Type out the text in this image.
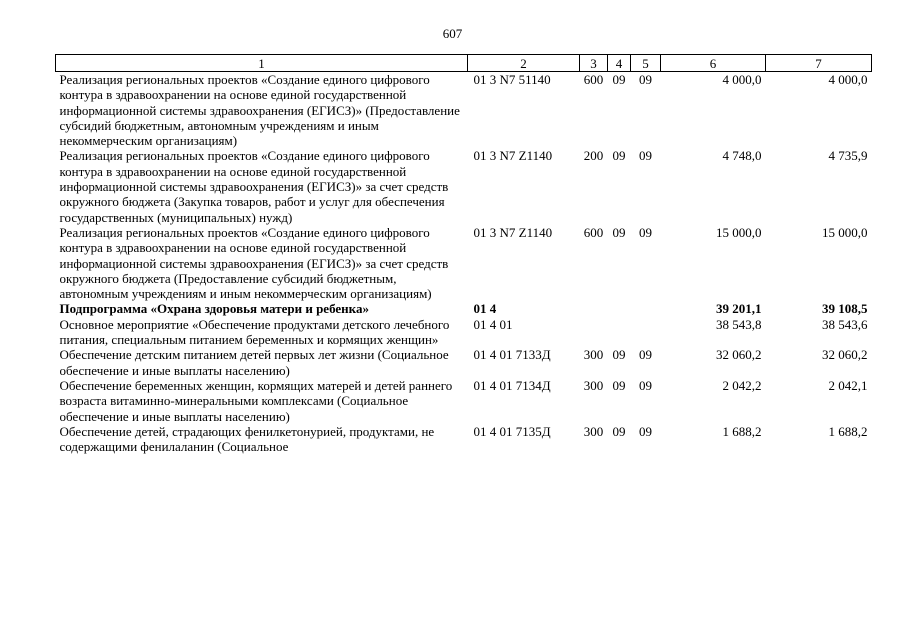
607
1	2	3	4	5	6	7
Реализация региональных проектов «Создание единого цифрового контура в здравоохранении на основе единой государственной информационной системы здравоохранения (ЕГИСЗ)» (Предоставление субсидий бюджетным, автономным учреждениям и иным некоммерческим организациям)	01 3 N7 51140	600	09	09	4 000,0	4 000,0
Реализация региональных проектов «Создание единого цифрового контура в здравоохранении на основе единой государственной информационной системы здравоохранения (ЕГИСЗ)» за счет средств окружного бюджета (Закупка товаров, работ и услуг для обеспечения государственных (муниципальных) нужд)	01 3 N7 Z1140	200	09	09	4 748,0	4 735,9
Реализация региональных проектов «Создание единого цифрового контура в здравоохранении на основе единой государственной информационной системы здравоохранения (ЕГИСЗ)» за счет средств окружного бюджета (Предоставление субсидий бюджетным, автономным учреждениям и иным некоммерческим организациям)	01 3 N7 Z1140	600	09	09	15 000,0	15 000,0
Подпрограмма «Охрана здоровья матери и ребенка»	01 4				39 201,1	39 108,5
Основное мероприятие «Обеспечение продуктами детского лечебного питания, специальным питанием беременных и кормящих женщин»	01 4 01				38 543,8	38 543,6
Обеспечение детским питанием детей первых лет жизни (Социальное обеспечение и иные выплаты населению)	01 4 01 7133Д	300	09	09	32 060,2	32 060,2
Обеспечение беременных женщин, кормящих матерей и детей раннего возраста витаминно-минеральными комплексами (Социальное обеспечение и иные выплаты населению)	01 4 01 7134Д	300	09	09	2 042,2	2 042,1
Обеспечение детей, страдающих фенилкетонурией, продуктами, не содержащими фенилаланин (Социальное	01 4 01 7135Д	300	09	09	1 688,2	1 688,2
